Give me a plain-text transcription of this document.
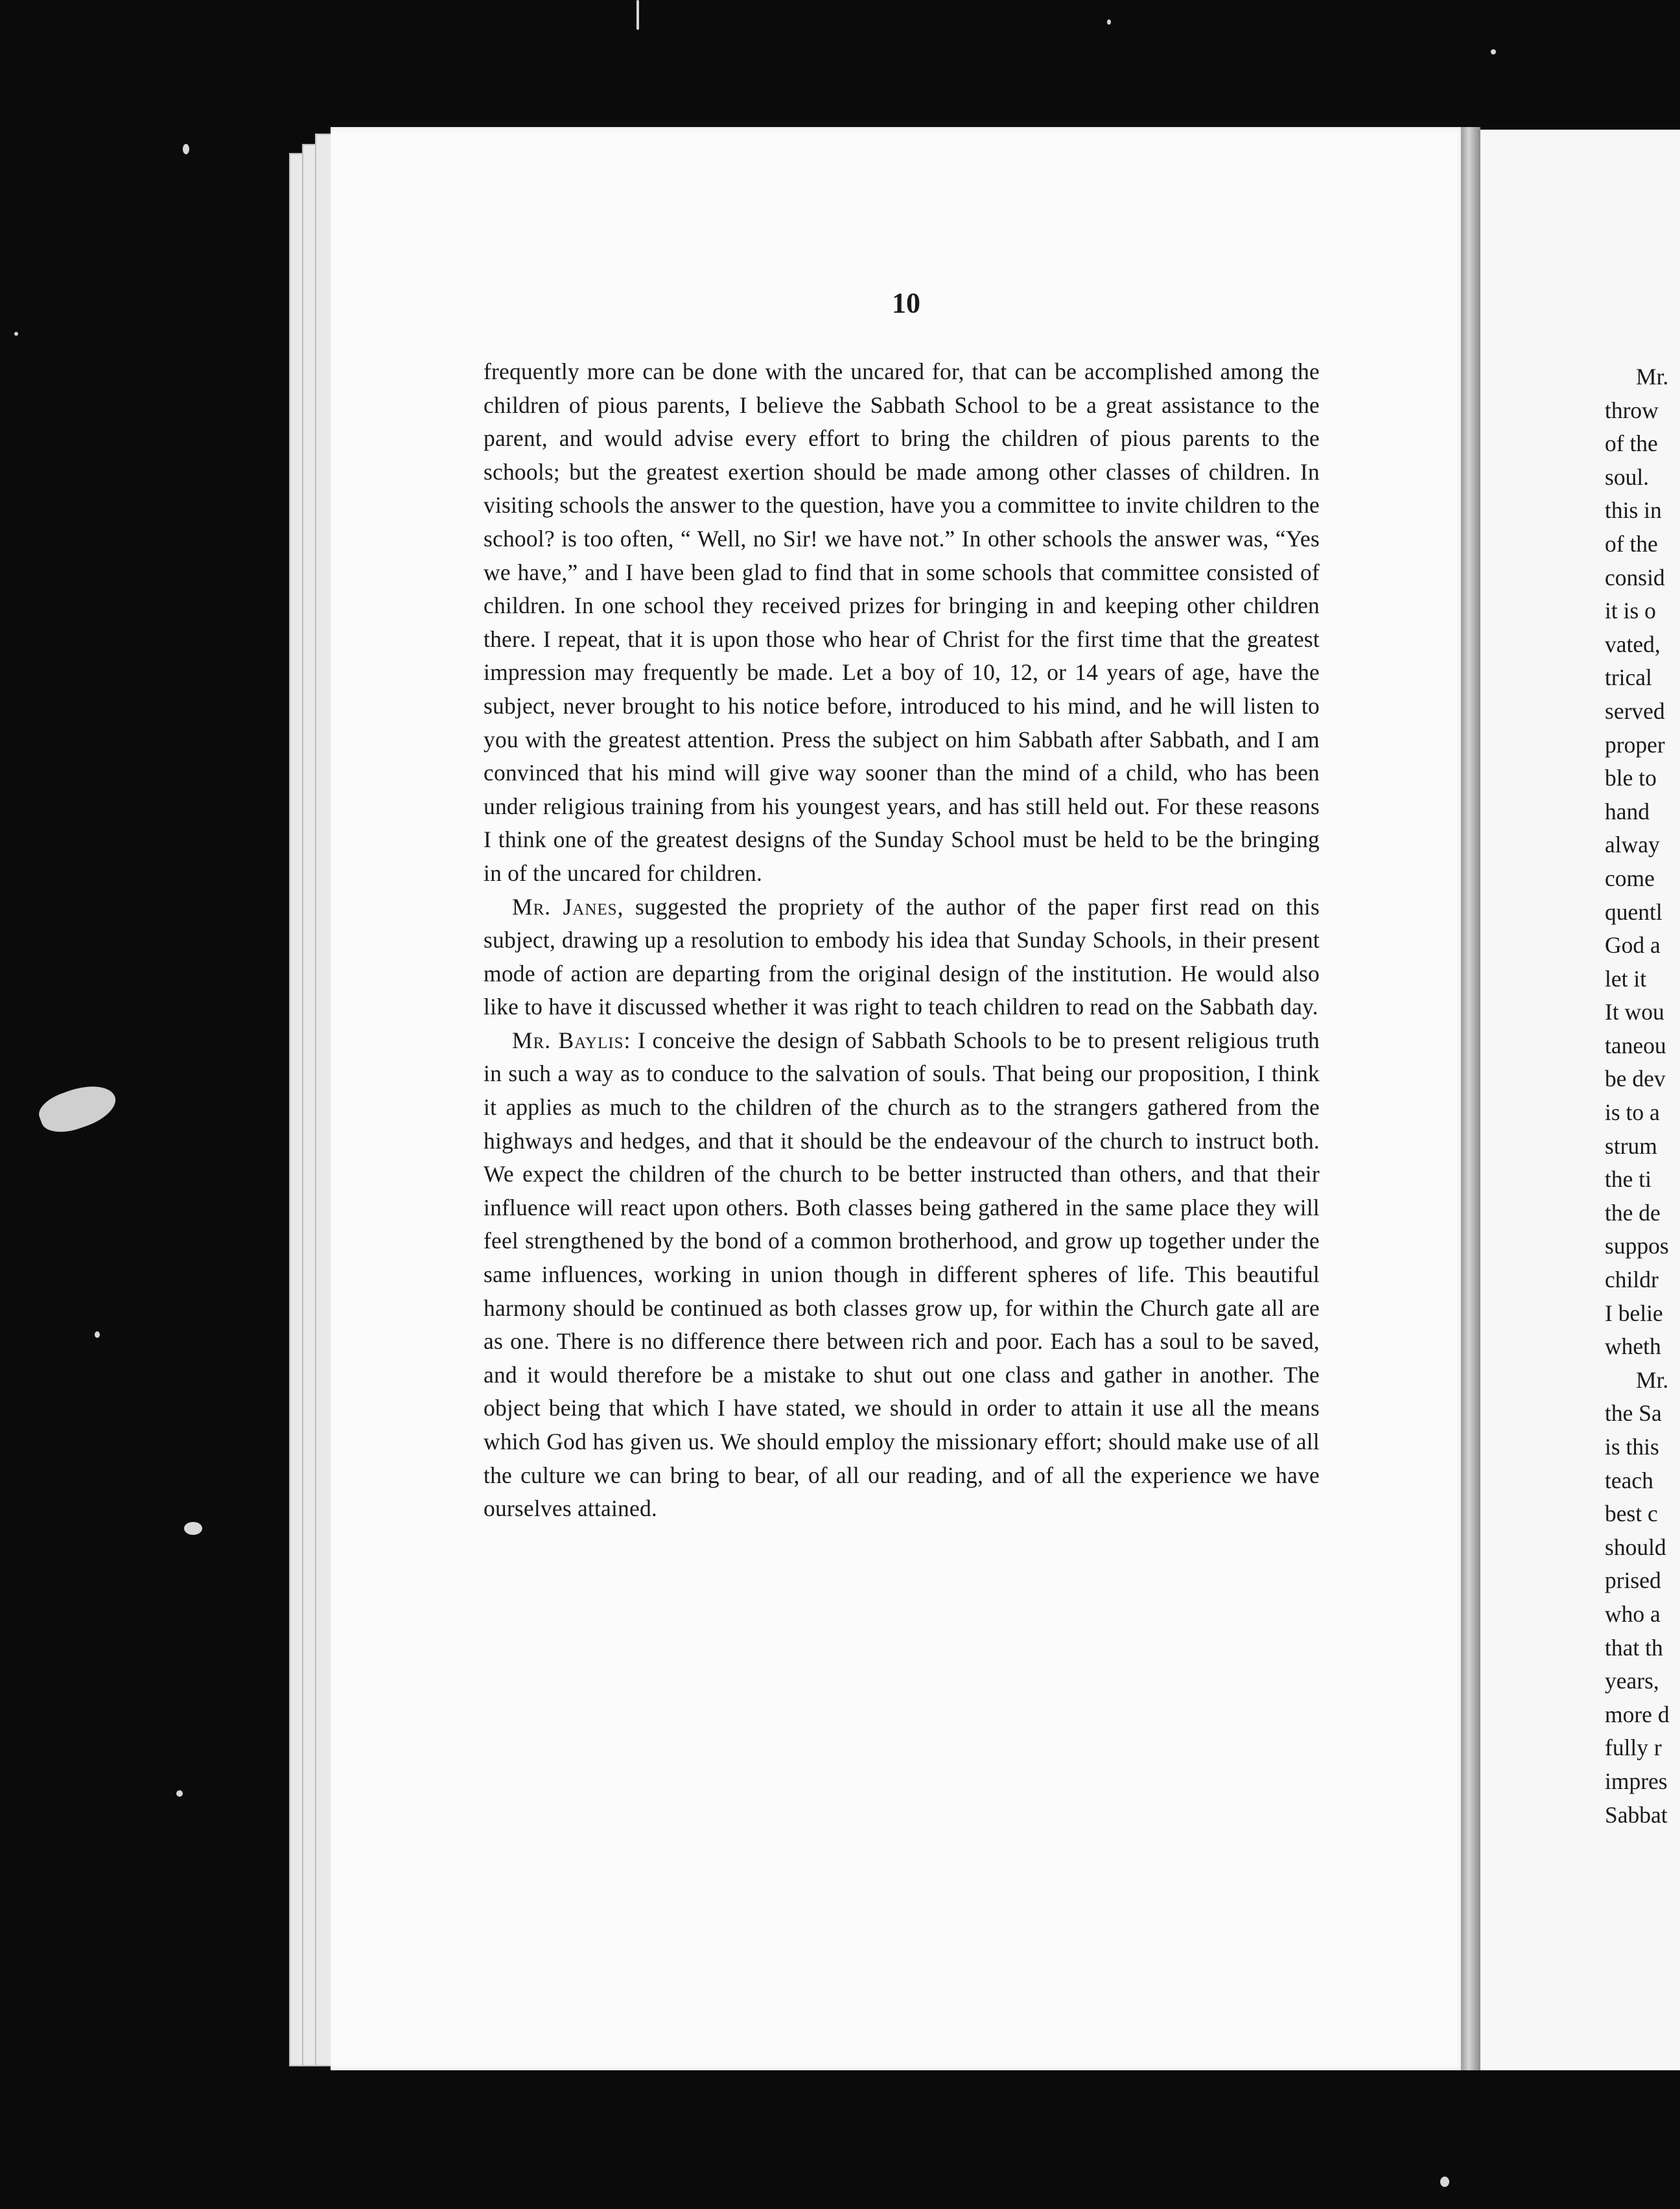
Mr.
throw
of the
soul.
this in
of the
consid
it is o
vated,
trical
served
proper
ble to
hand
alway
come
quentl
God a
let it
It wou
taneou
be dev
is to a
strum
the ti
the de
suppos
childr
I belie
wheth
Mr.
the Sa
is this
teach
best c
should
prised
who a
that th
years,
more d
fully r
impres
Sabbat
10

frequently more can be done with the uncared for, that can be accomplished among the children of pious parents, I believe the Sabbath School to be a great assistance to the parent, and would advise every effort to bring the children of pious parents to the schools; but the greatest exertion should be made among other classes of children. In visiting schools the answer to the question, have you a committee to invite children to the school? is too often, “ Well, no Sir! we have not.” In other schools the answer was, “Yes we have,” and I have been glad to find that in some schools that committee consisted of children. In one school they received prizes for bringing in and keeping other children there. I repeat, that it is upon those who hear of Christ for the first time that the greatest impression may frequently be made. Let a boy of 10, 12, or 14 years of age, have the subject, never brought to his notice before, introduced to his mind, and he will listen to you with the greatest attention. Press the subject on him Sabbath after Sabbath, and I am convinced that his mind will give way sooner than the mind of a child, who has been under religious training from his youngest years, and has still held out. For these reasons I think one of the greatest designs of the Sunday School must be held to be the bringing in of the uncared for children.

Mr. Janes, suggested the propriety of the author of the paper first read on this subject, drawing up a resolution to embody his idea that Sunday Schools, in their present mode of action are departing from the original design of the institution. He would also like to have it discussed whether it was right to teach children to read on the Sabbath day.

Mr. Baylis: I conceive the design of Sabbath Schools to be to present religious truth in such a way as to conduce to the salvation of souls. That being our proposition, I think it applies as much to the children of the church as to the strangers gathered from the highways and hedges, and that it should be the endeavour of the church to instruct both. We expect the children of the church to be better instructed than others, and that their influence will react upon others. Both classes being gathered in the same place they will feel strengthened by the bond of a common brotherhood, and grow up together under the same influences, working in union though in different spheres of life. This beautiful harmony should be continued as both classes grow up, for within the Church gate all are as one. There is no difference there between rich and poor. Each has a soul to be saved, and it would therefore be a mistake to shut out one class and gather in another. The object being that which I have stated, we should in order to attain it use all the means which God has given us. We should employ the missionary effort; should make use of all the culture we can bring to bear, of all our reading, and of all the experience we have ourselves attained.
